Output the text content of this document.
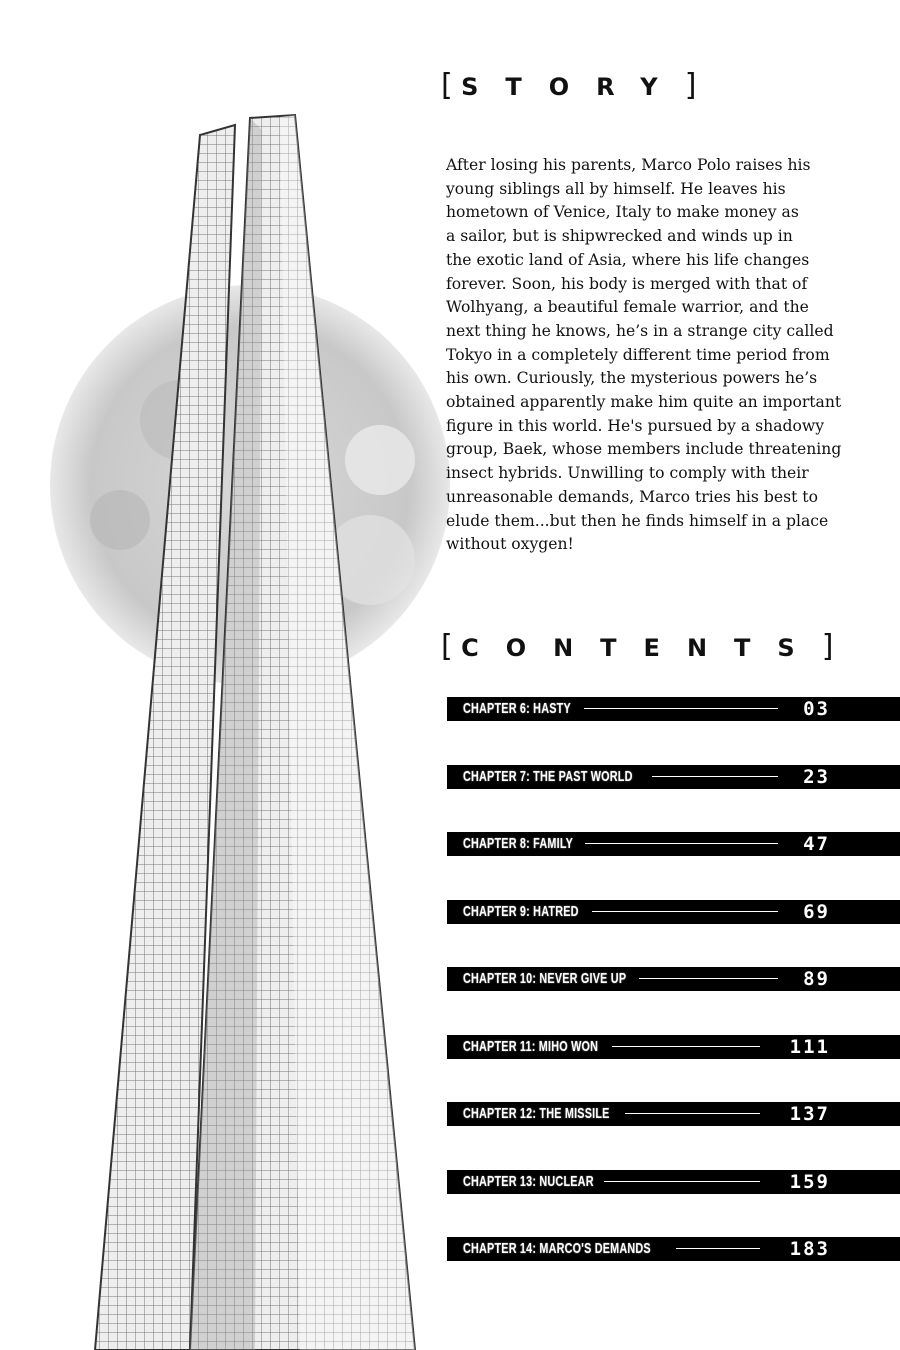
[ STORY]
After losing his parents, Marco Polo raises his
young siblings all by himself. He leaves his
hometown of Venice, Italy to make money as
a sailor, but is shipwrecked and winds up in
the exotic land of Asia, where his life changes
forever. Soon, his body is merged with that of
Wolhyang, a beautiful female warrior, and the
next thing he knows, he’s in a strange city called
Tokyo in a completely different time period from
his own. Curiously, the mysterious powers he’s
obtained apparently make him quite an important
figure in this world. He's pursued by a shadowy
group, Baek, whose members include threatening
insect hybrids. Unwilling to comply with their
unreasonable demands, Marco tries his best to
elude them...but then he finds himself in a place
without oxygen!
[ CONTENTS]
CHAPTER 6: HASTY	03
CHAPTER 7: THE PAST WORLD	23
CHAPTER 8: FAMILY	47
CHAPTER 9: HATRED	69
CHAPTER 10: NEVER GIVE UP	89
CHAPTER 11: MIHO WON	111
CHAPTER 12: THE MISSILE	137
CHAPTER 13: NUCLEAR	159
CHAPTER 14: MARCO'S DEMANDS	183
